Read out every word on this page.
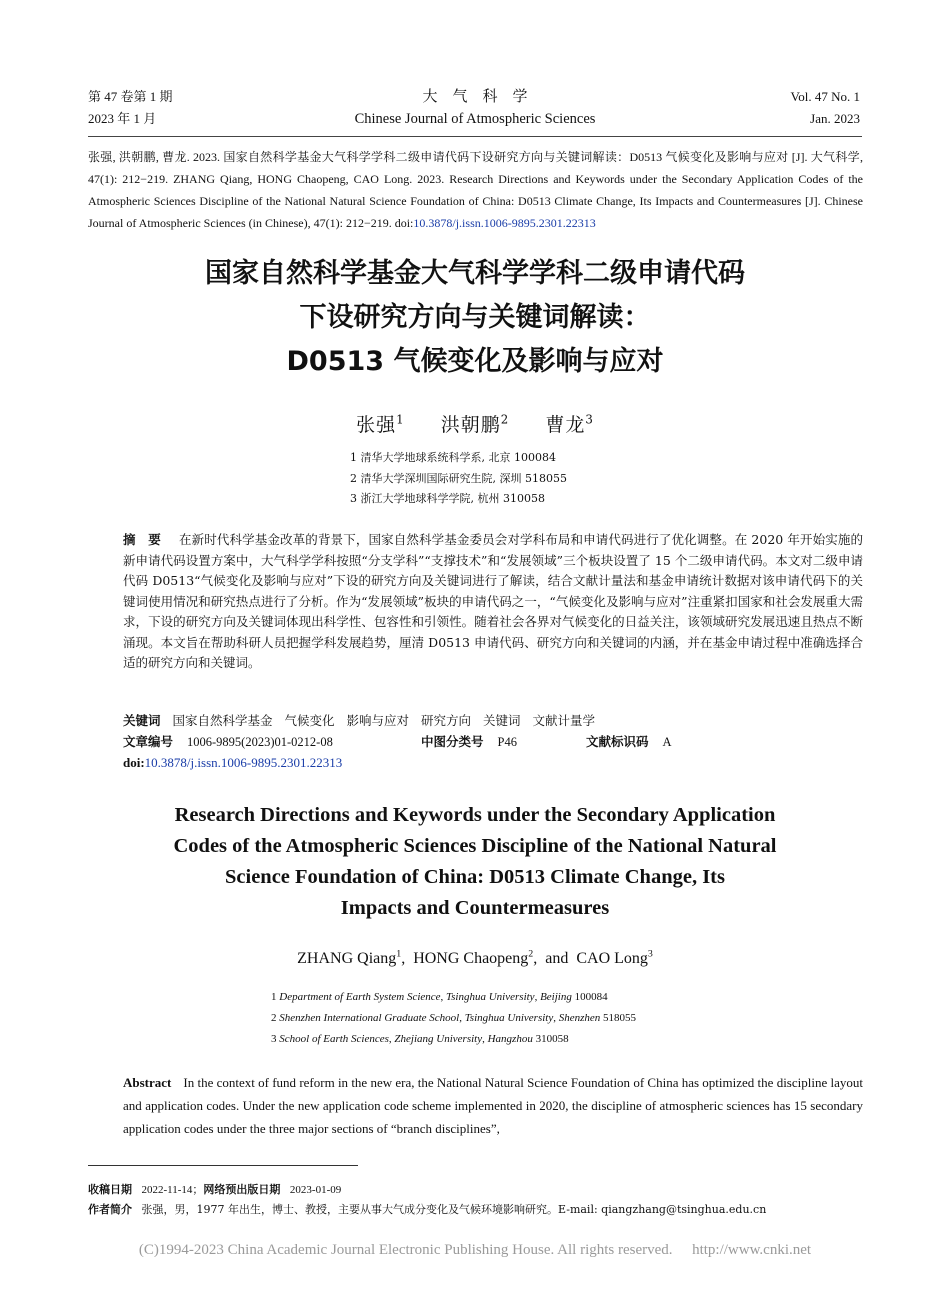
第 47 卷第 1 期
2023 年 1 月
大　气　科　学
Chinese Journal of Atmospheric Sciences
Vol. 47 No. 1
Jan. 2023
张强, 洪朝鹏, 曹龙. 2023. 国家自然科学基金大气科学学科二级申请代码下设研究方向与关键词解读：D0513 气候变化及影响与应对 [J]. 大气科学, 47(1): 212−219. ZHANG Qiang, HONG Chaopeng, CAO Long. 2023. Research Directions and Keywords under the Secondary Application Codes of the Atmospheric Sciences Discipline of the National Natural Science Foundation of China: D0513 Climate Change, Its Impacts and Countermeasures [J]. Chinese Journal of Atmospheric Sciences (in Chinese), 47(1): 212−219. doi:10.3878/j.issn.1006-9895.2301.22313
国家自然科学基金大气科学学科二级申请代码
下设研究方向与关键词解读：
D0513 气候变化及影响与应对
张强$^1$ 洪朝鹏$^2$ 曹龙$^3$
1 清华大学地球系统科学系, 北京 100084
2 清华大学深圳国际研究生院, 深圳 518055
3 浙江大学地球科学学院, 杭州 310058
摘　要 在新时代科学基金改革的背景下，国家自然科学基金委员会对学科布局和申请代码进行了优化调整。在 2020 年开始实施的新申请代码设置方案中，大气科学学科按照“分支学科”“支撑技术”和“发展领域”三个板块设置了 15 个二级申请代码。本文对二级申请代码 D0513“气候变化及影响与应对”下设的研究方向及关键词进行了解读，结合文献计量法和基金申请统计数据对该申请代码下的关键词使用情况和研究热点进行了分析。作为“发展领域”板块的申请代码之一，“气候变化及影响与应对”注重紧扣国家和社会发展重大需求，下设的研究方向及关键词体现出科学性、包容性和引领性。随着社会各界对气候变化的日益关注，该领域研究发展迅速且热点不断涌现。本文旨在帮助科研人员把握学科发展趋势，厘清 D0513 申请代码、研究方向和关键词的内涵，并在基金申请过程中准确选择合适的研究方向和关键词。
关键词 国家自然科学基金 气候变化 影响与应对 研究方向 关键词 文献计量学
文章编号 1006-9895(2023)01-0212-08	中图分类号 P46	文献标识码 A
doi:10.3878/j.issn.1006-9895.2301.22313
Research Directions and Keywords under the Secondary Application
Codes of the Atmospheric Sciences Discipline of the National Natural
Science Foundation of China: D0513 Climate Change, Its
Impacts and Countermeasures
ZHANG Qiang$^1$,  HONG Chaopeng$^2$,  and  CAO Long$^3$
1 Department of Earth System Science, Tsinghua University, Beijing 100084
2 Shenzhen International Graduate School, Tsinghua University, Shenzhen 518055
3 School of Earth Sciences, Zhejiang University, Hangzhou 310058
Abstract In the context of fund reform in the new era, the National Natural Science Foundation of China has optimized the discipline layout and application codes. Under the new application code scheme implemented in 2020, the discipline of atmospheric sciences has 15 secondary application codes under the three major sections of “branch disciplines”,
收稿日期 2022-11-14；网络预出版日期 2023-01-09
作者简介 张强，男，1977 年出生，博士、教授，主要从事大气成分变化及气候环境影响研究。E-mail: qiangzhang@tsinghua.edu.cn
(C)1994-2023 China Academic Journal Electronic Publishing House. All rights reserved. http://www.cnki.net
